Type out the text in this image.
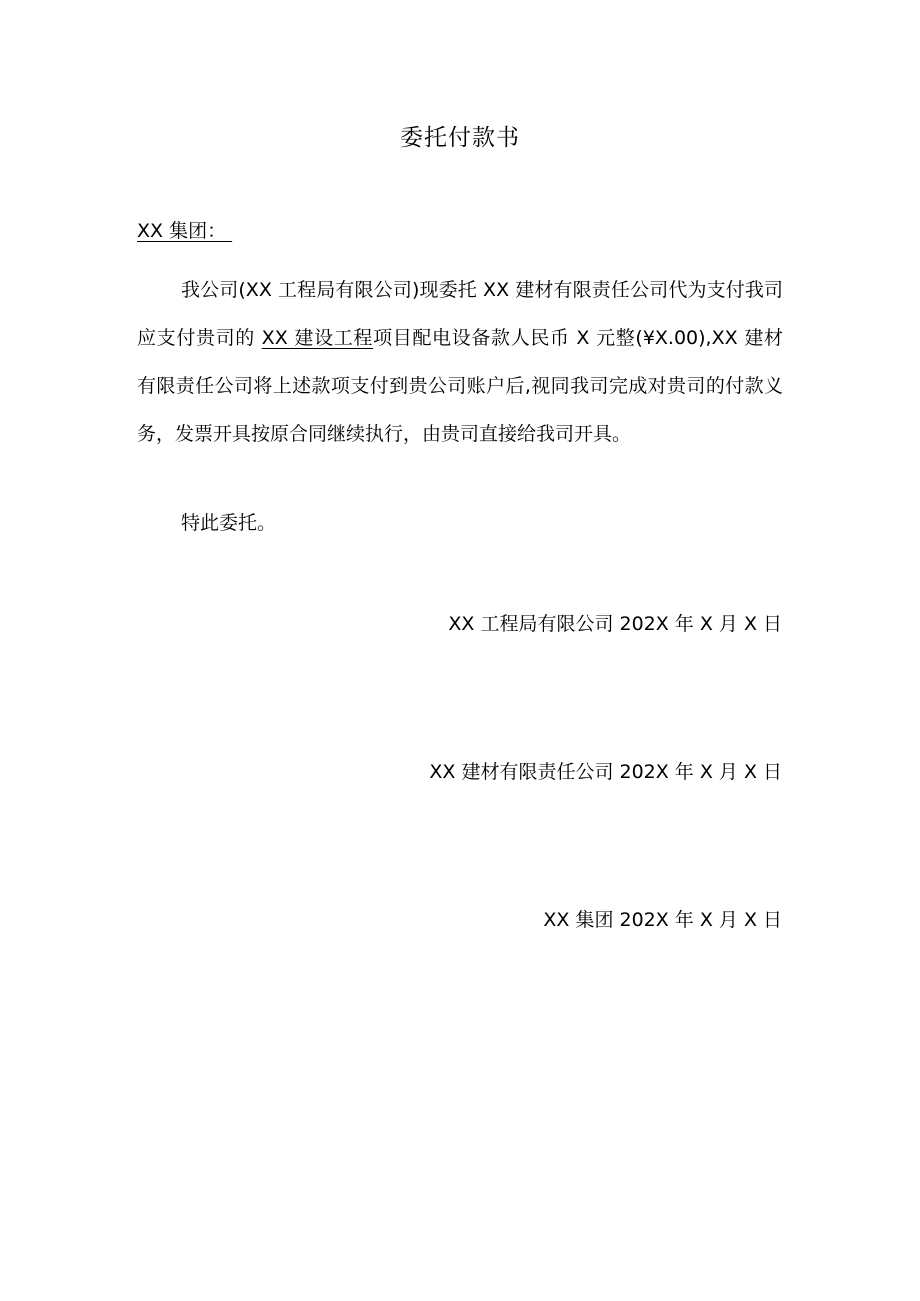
委托付款书
XX 集团：

我公司(XX 工程局有限公司)现委托 XX 建材有限责任公司代为支付我司应支付贵司的 XX 建设工程项目配电设备款人民币 X 元整(¥X.00),XX 建材有限责任公司将上述款项支付到贵公司账户后,视同我司完成对贵司的付款义务，发票开具按原合同继续执行，由贵司直接给我司开具。

特此委托。
XX 工程局有限公司 202X 年 X 月 X 日
XX 建材有限责任公司 202X 年 X 月 X 日
XX 集团 202X 年 X 月 X 日
